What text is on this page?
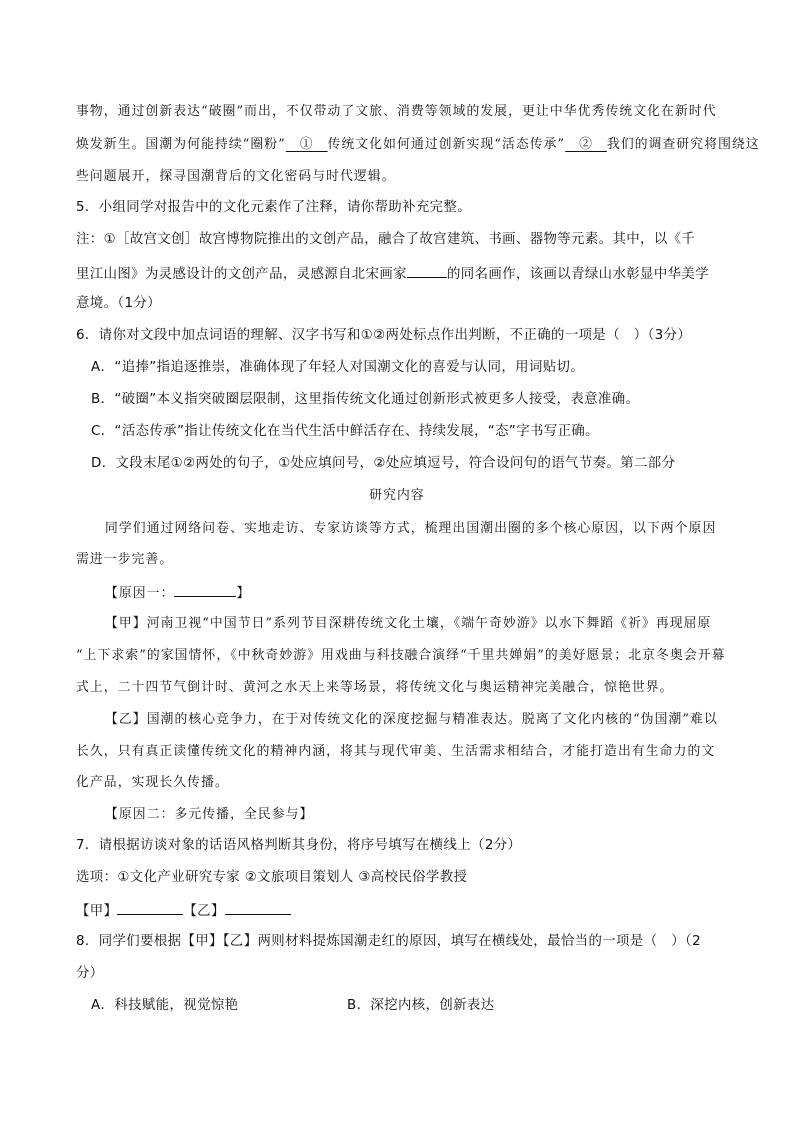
事物，通过创新表达“破圈”而出，不仅带动了文旅、消费等领域的发展，更让中华优秀传统文化在新时代
焕发新生。国潮为何能持续“圈粉”  ①  传统文化如何通过创新实现“活态传承”  ②  我们的调查研究将围绕这
些问题展开，探寻国潮背后的文化密码与时代逻辑。
5．小组同学对报告中的文化元素作了注释，请你帮助补充完整。
注：①［故宫文创］故宫博物院推出的文创产品，融合了故宫建筑、书画、器物等元素。其中，以《千
里江山图》为灵感设计的文创产品，灵感源自北宋画家	的同名画作，该画以青绿山水彰显中华美学
意境。（1分）
6．请你对文段中加点词语的理解、汉字书写和①②两处标点作出判断，不正确的一项是（　）（3分）
A．“追捧”指追逐推崇，准确体现了年轻人对国潮文化的喜爱与认同，用词贴切。
B．“破圈”本义指突破圈层限制，这里指传统文化通过创新形式被更多人接受，表意准确。
C．“活态传承”指让传统文化在当代生活中鲜活存在、持续发展，“态”字书写正确。
D．文段末尾①②两处的句子，①处应填问号，②处应填逗号，符合设问句的语气节奏。第二部分
研究内容
同学们通过网络问卷、实地走访、专家访谈等方式，梳理出国潮出圈的多个核心原因，以下两个原因
需进一步完善。
【原因一：	】
【甲】河南卫视“中国节日”系列节目深耕传统文化土壤，《端午奇妙游》以水下舞蹈《祈》再现屈原
“上下求索”的家国情怀，《中秋奇妙游》用戏曲与科技融合演绎“千里共婵娟”的美好愿景；北京冬奥会开幕
式上，二十四节气倒计时、黄河之水天上来等场景，将传统文化与奥运精神完美融合，惊艳世界。
【乙】国潮的核心竞争力，在于对传统文化的深度挖掘与精准表达。脱离了文化内核的“伪国潮”难以
长久，只有真正读懂传统文化的精神内涵，将其与现代审美、生活需求相结合，才能打造出有生命力的文
化产品，实现长久传播。
【原因二：多元传播，全民参与】
7．请根据访谈对象的话语风格判断其身份，将序号填写在横线上（2分）
选项：①文化产业研究专家 ②文旅项目策划人 ③高校民俗学教授
【甲】	【乙】
8．同学们要根据【甲】【乙】两则材料提炼国潮走红的原因，填写在横线处，最恰当的一项是（　）（2
分）
A．科技赋能，视觉惊艳	B．深挖内核，创新表达
